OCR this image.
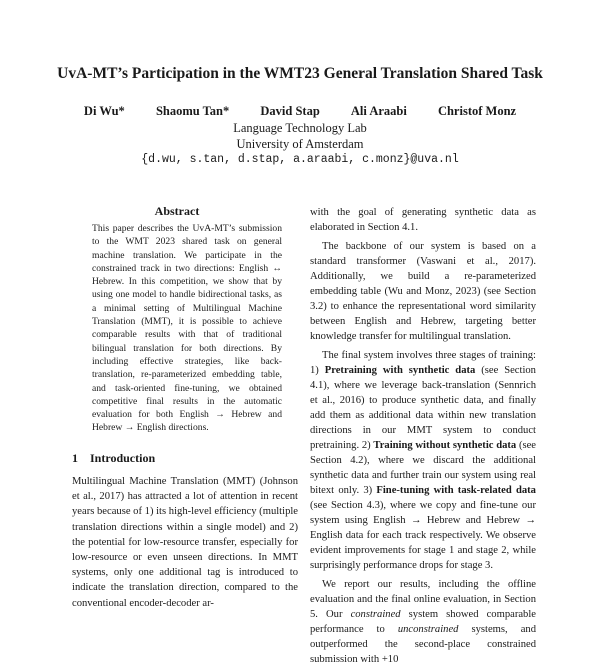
UvA-MT’s Participation in the WMT23 General Translation Shared Task
Di Wu* Shaomu Tan* David Stap Ali Araabi Christof Monz
Language Technology Lab
University of Amsterdam
{d.wu, s.tan, d.stap, a.araabi, c.monz}@uva.nl
Abstract

This paper describes the UvA-MT’s submission to the WMT 2023 shared task on general machine translation. We participate in the constrained track in two directions: English ↔ Hebrew. In this competition, we show that by using one model to handle bidirectional tasks, as a minimal setting of Multilingual Machine Translation (MMT), it is possible to achieve comparable results with that of traditional bilingual translation for both directions. By including effective strategies, like back-translation, re-parameterized embedding table, and task-oriented fine-tuning, we obtained competitive final results in the automatic evaluation for both English → Hebrew and Hebrew → English directions.

1 Introduction

Multilingual Machine Translation (MMT) (Johnson et al., 2017) has attracted a lot of attention in recent years because of 1) its high-level efficiency (multiple translation directions within a single model) and 2) the potential for low-resource transfer, especially for low-resource or even unseen directions. In MMT systems, only one additional tag is introduced to indicate the translation direction, compared to the conventional encoder-decoder ar-

with the goal of generating synthetic data as elaborated in Section 4.1.

The backbone of our system is based on a standard transformer (Vaswani et al., 2017). Additionally, we build a re-parameterized embedding table (Wu and Monz, 2023) (see Section 3.2) to enhance the representational word similarity between English and Hebrew, targeting better knowledge transfer for multilingual translation.

The final system involves three stages of training: 1) Pretraining with synthetic data (see Section 4.1), where we leverage back-translation (Sennrich et al., 2016) to produce synthetic data, and finally add them as additional data within new translation directions in our MMT system to conduct pretraining. 2) Training without synthetic data (see Section 4.2), where we discard the additional synthetic data and further train our system using real bitext only. 3) Fine-tuning with task-related data (see Section 4.3), where we copy and fine-tune our system using English → Hebrew and Hebrew → English data for each track respectively. We observe evident improvements for stage 1 and stage 2, while surprisingly performance drops for stage 3.

We report our results, including the offline evaluation and the final online evaluation, in Section 5. Our constrained system showed comparable performance to unconstrained systems, and outperformed the second-place constrained submission with +10
